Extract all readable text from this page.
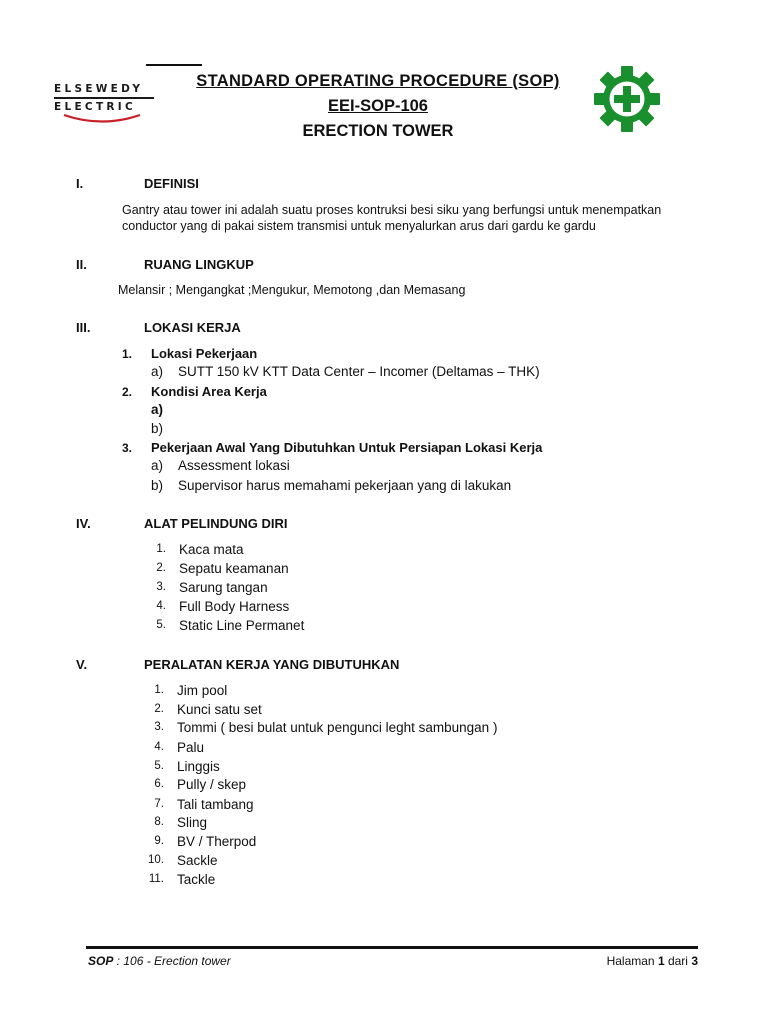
ELSEWEDY
ELECTRIC
STANDARD OPERATING PROCEDURE (SOP)
EEI-SOP-106
ERECTION TOWER
I.	DEFINISI
Gantry atau tower ini adalah suatu proses kontruksi besi siku yang berfungsi untuk menempatkan
conductor yang di pakai sistem transmisi untuk menyalurkan arus dari gardu ke gardu
II.	RUANG LINGKUP
Melansir ; Mengangkat ;Mengukur, Memotong ,dan Memasang
III.	LOKASI KERJA
1. Lokasi Pekerjaan
a) SUTT 150 kV KTT Data Center – Incomer (Deltamas – THK)
2. Kondisi Area Kerja
a)
b)
3. Pekerjaan Awal Yang Dibutuhkan Untuk Persiapan Lokasi Kerja
a) Assessment lokasi
b) Supervisor harus memahami pekerjaan yang di lakukan
IV.	ALAT PELINDUNG DIRI
1. Kaca mata
2. Sepatu keamanan
3. Sarung tangan
4. Full Body Harness
5. Static Line Permanet
V.	PERALATAN KERJA YANG DIBUTUHKAN
1. Jim pool
2. Kunci satu set
3. Tommi ( besi bulat untuk pengunci leght sambungan )
4. Palu
5. Linggis
6. Pully / skep
7. Tali tambang
8. Sling
9. BV / Therpod
10. Sackle
11. Tackle
SOP : 106 - Erection tower	Halaman 1 dari 3
